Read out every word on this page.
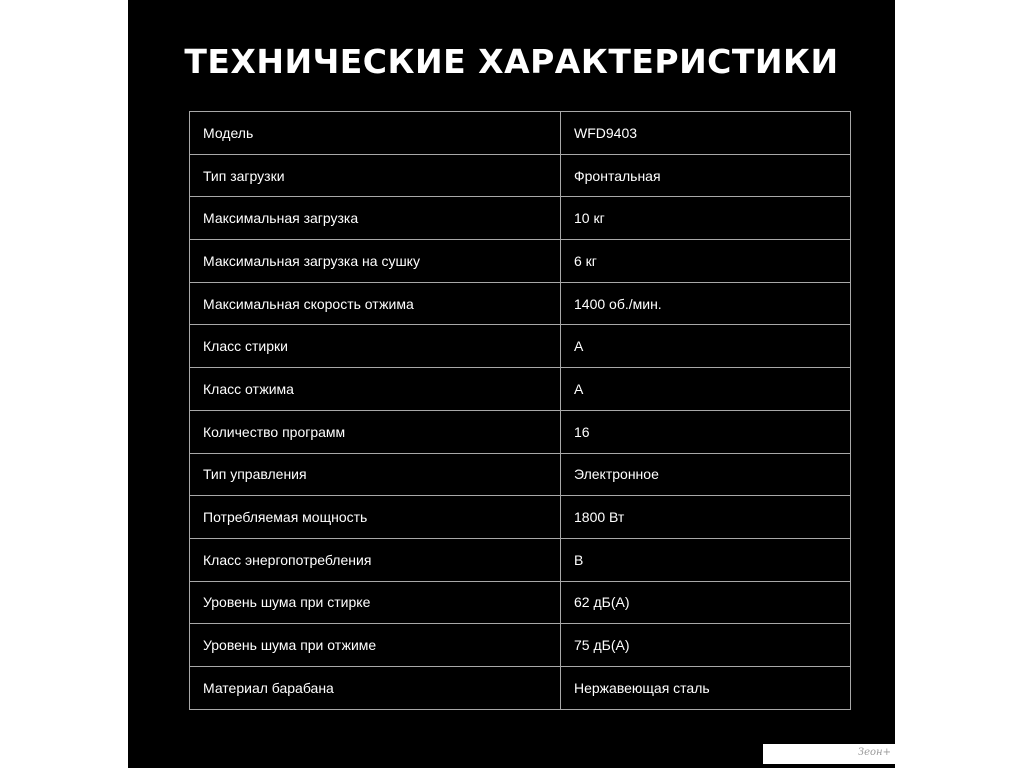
ТЕХНИЧЕСКИЕ ХАРАКТЕРИСТИКИ
Модель	WFD9403
Тип загрузки	Фронтальная
Максимальная загрузка	10 кг
Максимальная загрузка на сушку	6 кг
Максимальная скорость отжима	1400 об./мин.
Класс стирки	A
Класс отжима	A
Количество программ	16
Тип управления	Электронное
Потребляемая мощность	1800 Вт
Класс энергопотребления	B
Уровень шума при стирке	62 дБ(А)
Уровень шума при отжиме	75 дБ(А)
Материал барабана	Нержавеющая сталь
Зеон+
